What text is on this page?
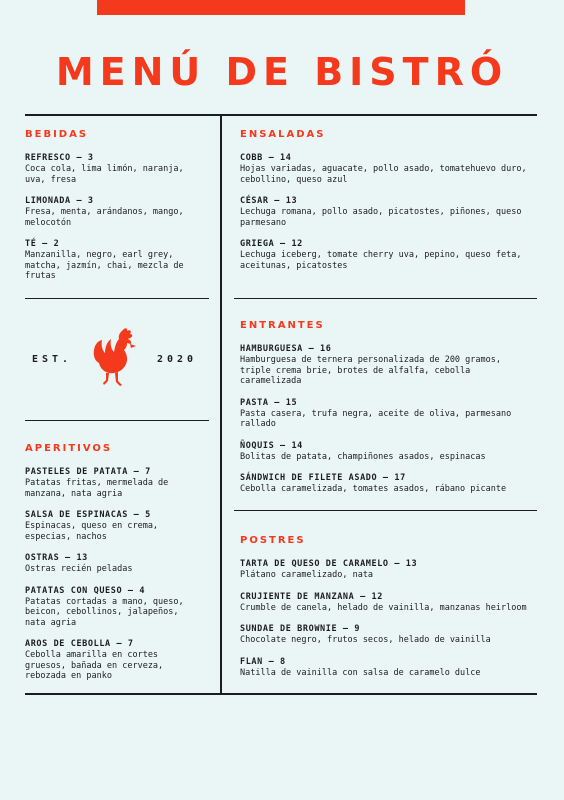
MENÚ DE BISTRÓ
BEBIDAS
REFRESCO – 3
Coca cola, lima limón, naranja,
uva, fresa
LIMONADA – 3
Fresa, menta, arándanos, mango,
melocotón
TÉ – 2
Manzanilla, negro, earl grey,
matcha, jazmín, chai, mezcla de
frutas
EST.	2020
APERITIVOS
PASTELES DE PATATA – 7
Patatas fritas, mermelada de
manzana, nata agria
SALSA DE ESPINACAS – 5
Espinacas, queso en crema,
especias, nachos
OSTRAS – 13
Ostras recién peladas
PATATAS CON QUESO – 4
Patatas cortadas a mano, queso,
beicon, cebollinos, jalapeños,
nata agria
AROS DE CEBOLLA – 7
Cebolla amarilla en cortes
gruesos, bañada en cerveza,
rebozada en panko
ENSALADAS
COBB – 14
Hojas variadas, aguacate, pollo asado, tomatehuevo duro,
cebollino, queso azul
CÉSAR – 13
Lechuga romana, pollo asado, picatostes, piñones, queso
parmesano
GRIEGA – 12
Lechuga iceberg, tomate cherry uva, pepino, queso feta,
aceitunas, picatostes
ENTRANTES
HAMBURGUESA – 16
Hamburguesa de ternera personalizada de 200 gramos,
triple crema brie, brotes de alfalfa, cebolla
caramelizada
PASTA – 15
Pasta casera, trufa negra, aceite de oliva, parmesano
rallado
ÑOQUIS – 14
Bolitas de patata, champiñones asados, espinacas
SÁNDWICH DE FILETE ASADO – 17
Cebolla caramelizada, tomates asados, rábano picante
POSTRES
TARTA DE QUESO DE CARAMELO – 13
Plátano caramelizado, nata
CRUJIENTE DE MANZANA – 12
Crumble de canela, helado de vainilla, manzanas heirloom
SUNDAE DE BROWNIE – 9
Chocolate negro, frutos secos, helado de vainilla
FLAN – 8
Natilla de vainilla con salsa de caramelo dulce
